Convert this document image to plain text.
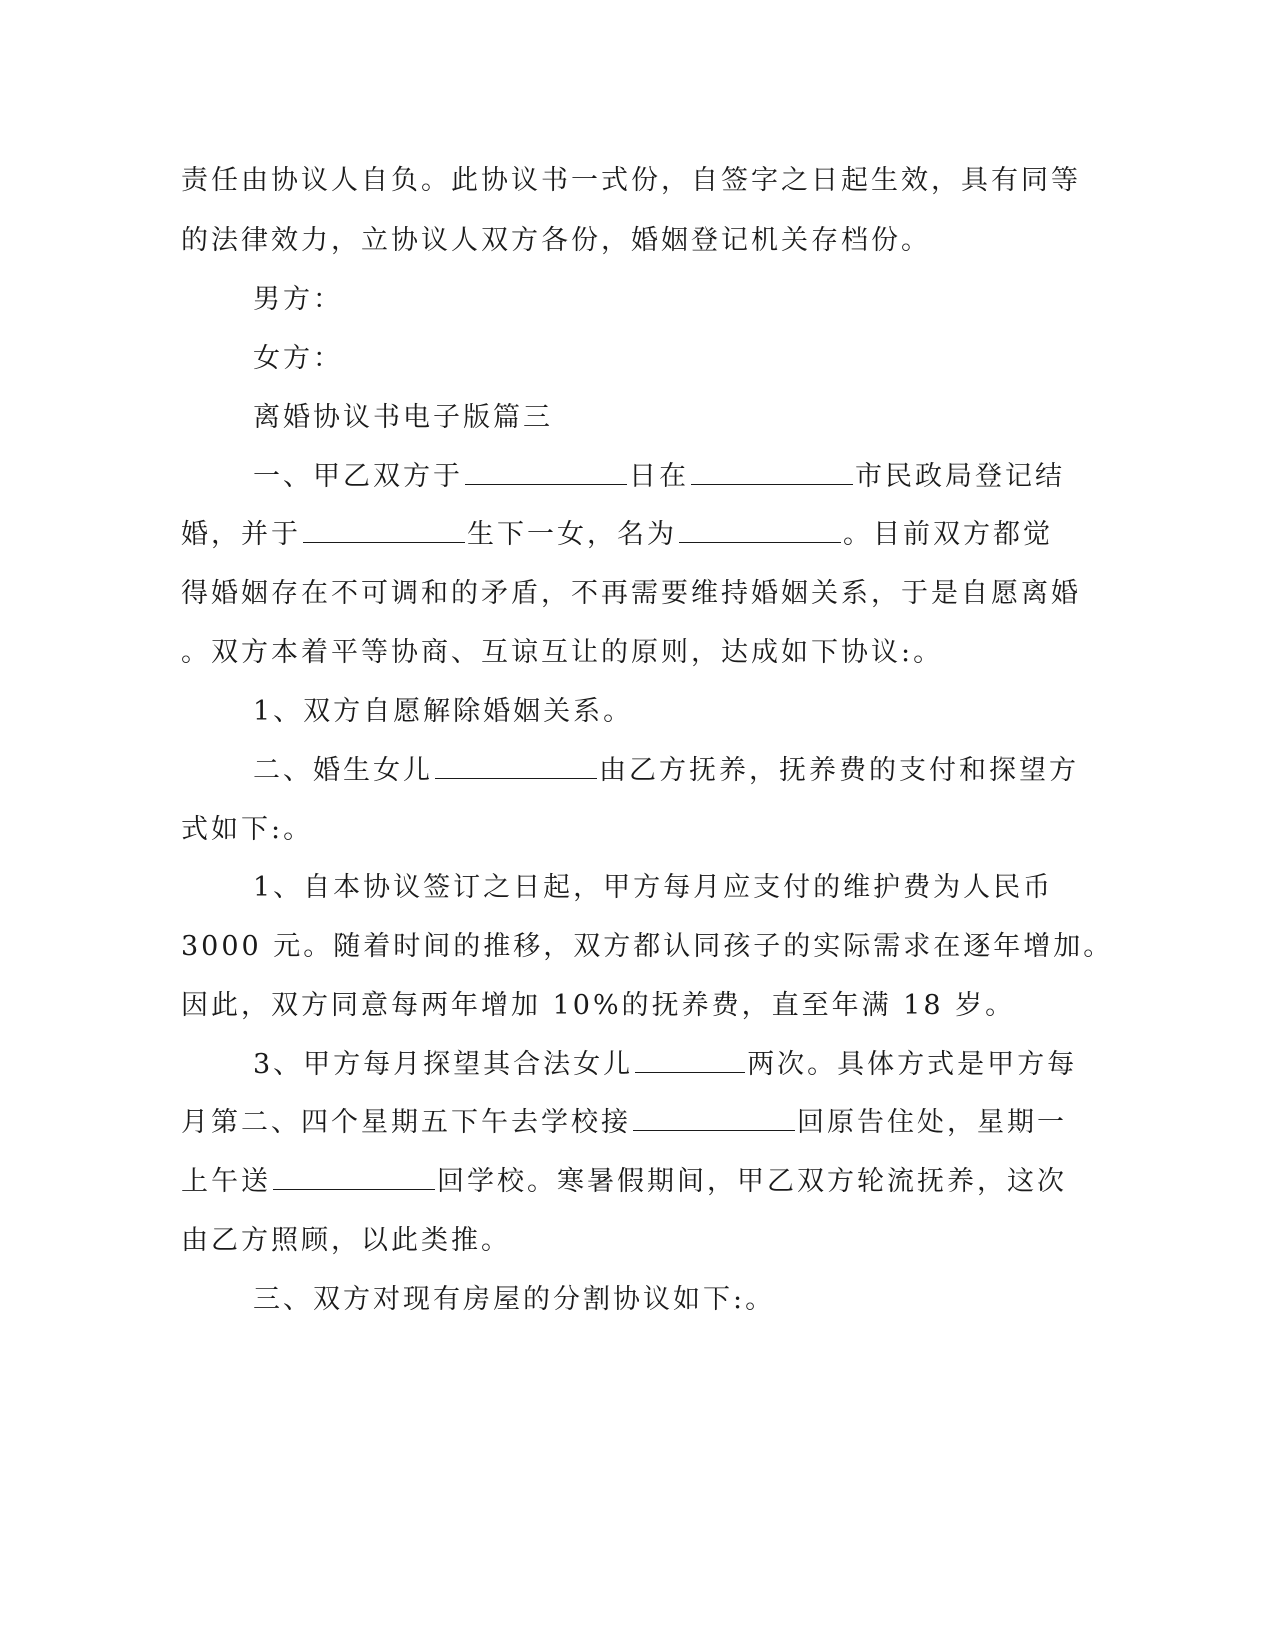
责任由协议人自负。此协议书一式份，自签字之日起生效，具有同等
的法律效力，立协议人双方各份，婚姻登记机关存档份。
男方：
女方：
离婚协议书电子版篇三
一、甲乙双方于	日在	市民政局登记结
婚，并于	生下一女，名为	。目前双方都觉
得婚姻存在不可调和的矛盾，不再需要维持婚姻关系，于是自愿离婚
。双方本着平等协商、互谅互让的原则，达成如下协议:。
1、双方自愿解除婚姻关系。
二、婚生女儿	由乙方抚养，抚养费的支付和探望方
式如下:。
1、自本协议签订之日起，甲方每月应支付的维护费为人民币
3000 元。随着时间的推移，双方都认同孩子的实际需求在逐年增加。
因此，双方同意每两年增加 10%的抚养费，直至年满 18 岁。
3、甲方每月探望其合法女儿	两次。具体方式是甲方每
月第二、四个星期五下午去学校接	回原告住处，星期一
上午送	回学校。寒暑假期间，甲乙双方轮流抚养，这次
由乙方照顾，以此类推。
三、双方对现有房屋的分割协议如下:。
